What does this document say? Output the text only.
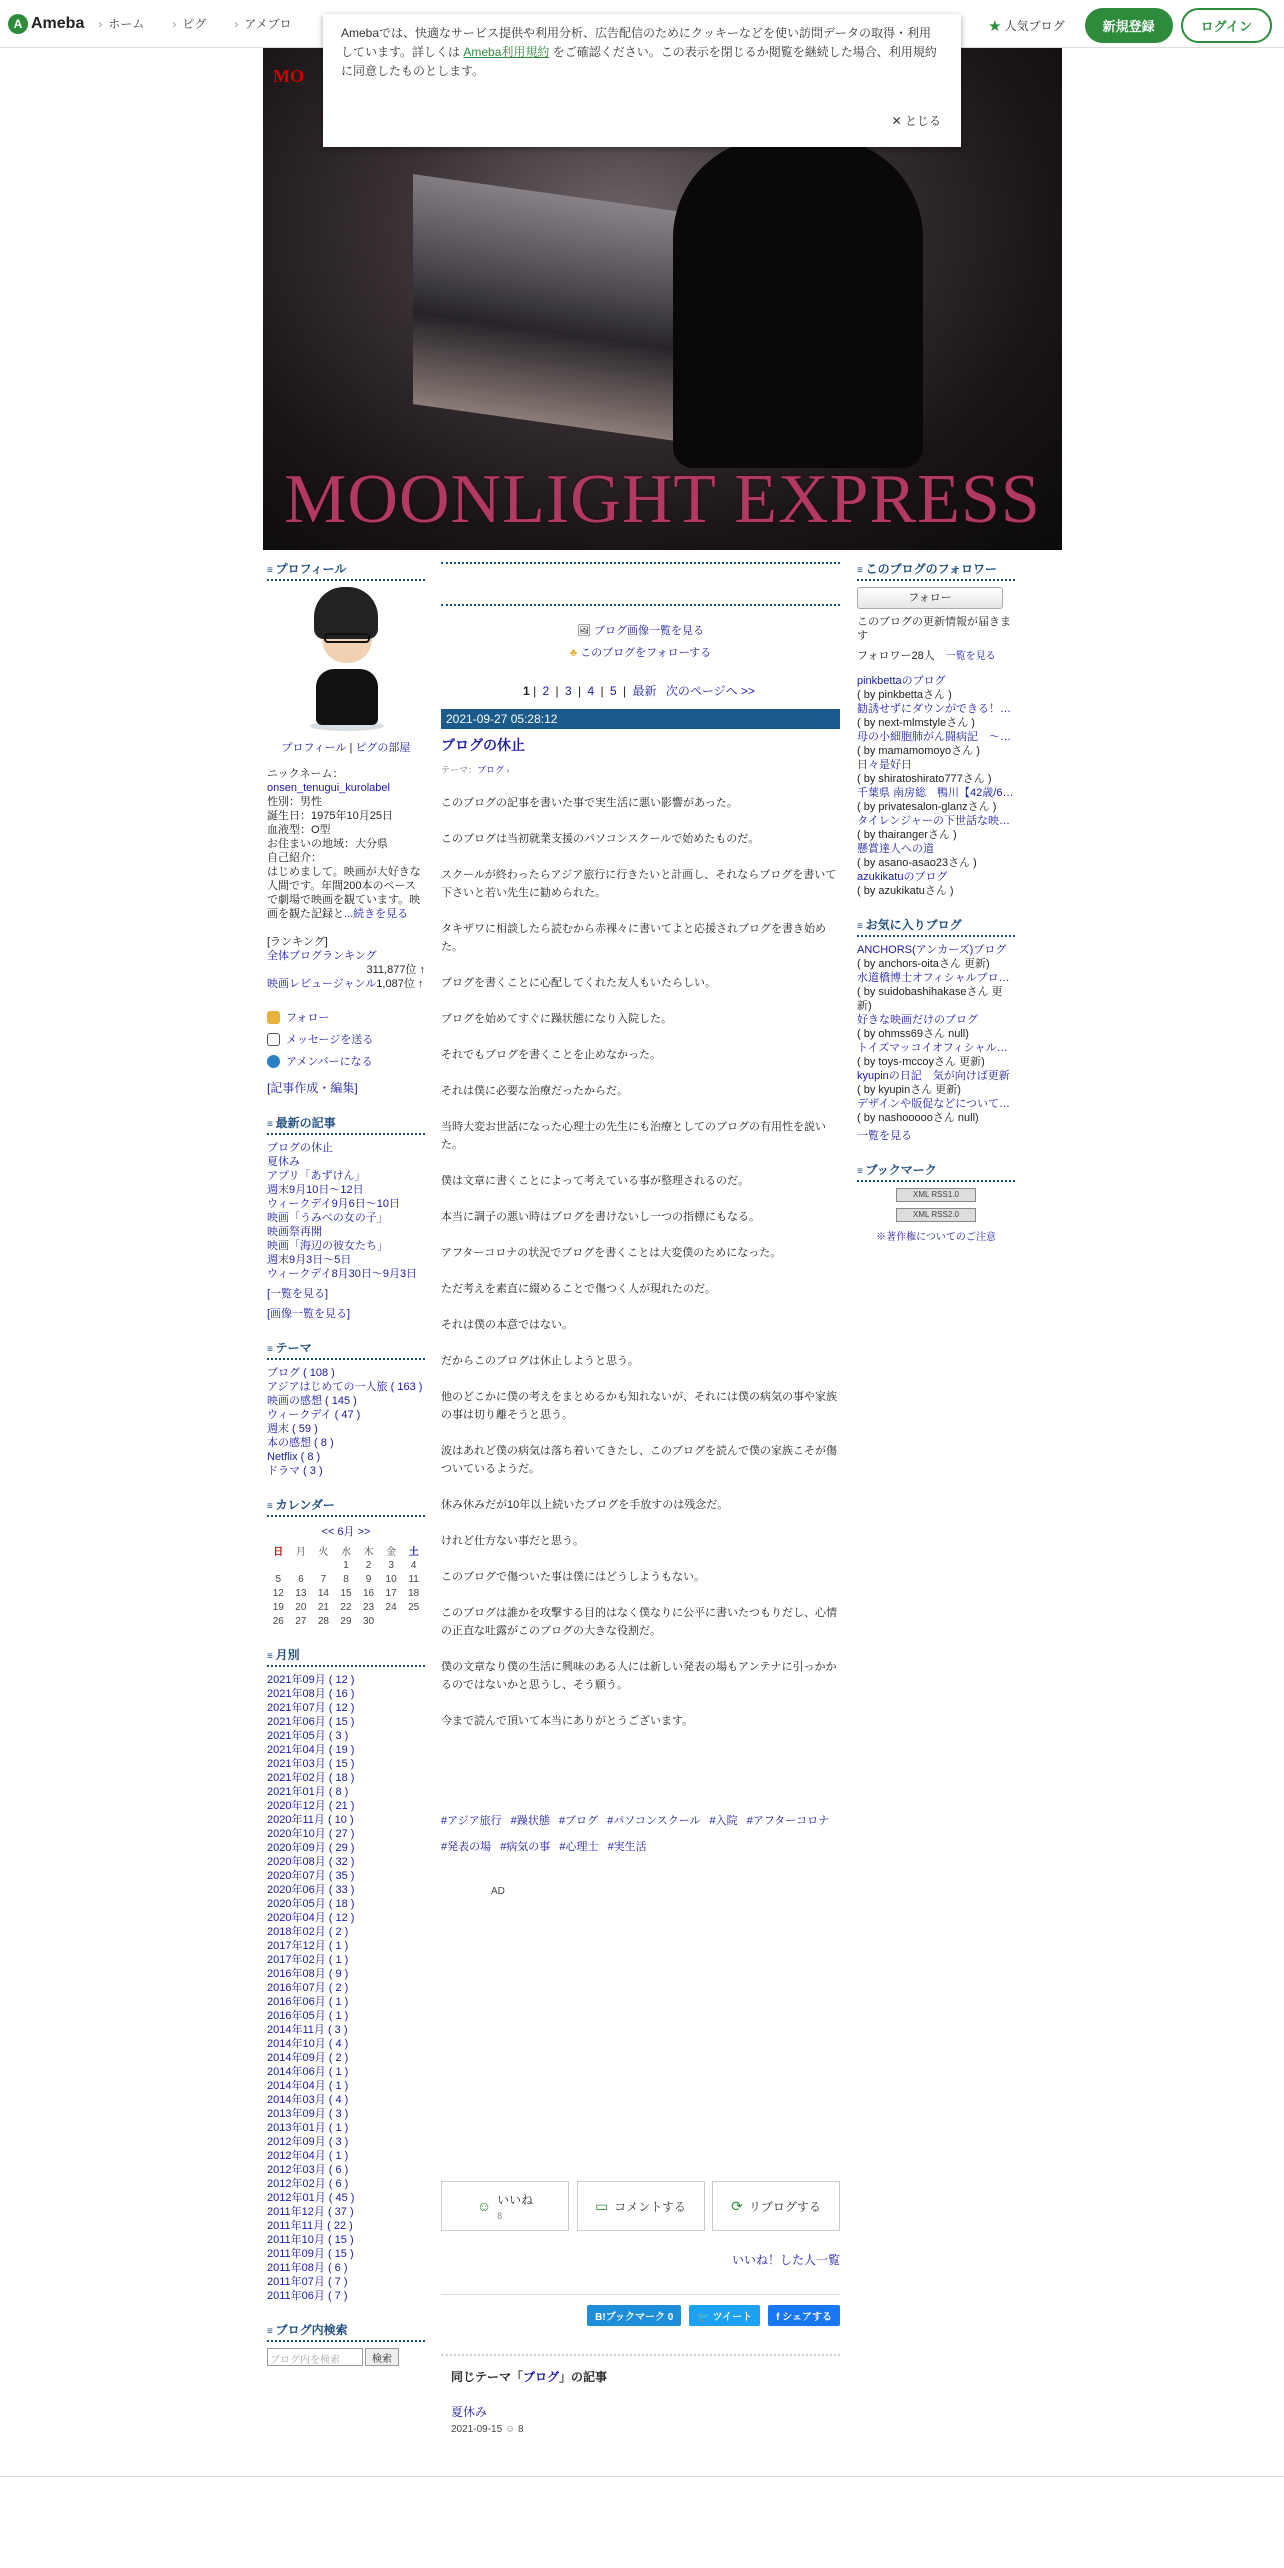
A Ameba	› ホーム	› ピグ	› アメブロ	★ 人気ブログ	新規登録	ログイン
Amebaでは、快適なサービス提供や利用分析、広告配信のためにクッキーなどを使い訪問データの取得・利用しています。詳しくは Ameba利用規約 をご確認ください。この表示を閉じるか閲覧を継続した場合、利用規約に同意したものとします。
✕ とじる
MO
MOONLIGHT EXPRESS
≡ プロフィール
プロフィール | ピグの部屋
ニックネーム：
onsen_tenugui_kurolabel
性別：男性
誕生日：1975年10月25日
血液型：O型
お住まいの地域：大分県
自己紹介：
はじめまして。映画が大好きな人間です。年間200本のペースで劇場で映画を観ています。映画を観た記録と...続きを見る
[ランキング]
全体ブログランキング
311,877位 ↑
映画レビュージャンル1,087位 ↑
フォロー
メッセージを送る
アメンバーになる
[記事作成・編集]
≡ 最新の記事
ブログの休止
夏休み
アプリ「あずけん」
週末9月10日〜12日
ウィークデイ9月6日〜10日
映画「うみべの女の子」
映画祭再開
映画「海辺の彼女たち」
週末9月3日〜5日
ウィークデイ8月30日〜9月3日
[一覧を見る]
[画像一覧を見る]
≡ テーマ
ブログ ( 108 )
アジアはじめての一人旅 ( 163 )
映画の感想 ( 145 )
ウィークデイ ( 47 )
週末 ( 59 )
本の感想 ( 8 )
Netflix ( 8 )
ドラマ ( 3 )
≡ カレンダー
<< 6月 >>
日	月	火	水	木	金	土
			1	2	3	4
5	6	7	8	9	10	11
12	13	14	15	16	17	18
19	20	21	22	23	24	25
26	27	28	29	30		
≡ 月別
2021年09月 ( 12 )
2021年08月 ( 16 )
2021年07月 ( 12 )
2021年06月 ( 15 )
2021年05月 ( 3 )
2021年04月 ( 19 )
2021年03月 ( 15 )
2021年02月 ( 18 )
2021年01月 ( 8 )
2020年12月 ( 21 )
2020年11月 ( 10 )
2020年10月 ( 27 )
2020年09月 ( 29 )
2020年08月 ( 32 )
2020年07月 ( 35 )
2020年06月 ( 33 )
2020年05月 ( 18 )
2020年04月 ( 12 )
2018年02月 ( 2 )
2017年12月 ( 1 )
2017年02月 ( 1 )
2016年08月 ( 9 )
2016年07月 ( 2 )
2016年06月 ( 1 )
2016年05月 ( 1 )
2014年11月 ( 3 )
2014年10月 ( 4 )
2014年09月 ( 2 )
2014年06月 ( 1 )
2014年04月 ( 1 )
2014年03月 ( 4 )
2013年09月 ( 3 )
2013年01月 ( 1 )
2012年09月 ( 3 )
2012年04月 ( 1 )
2012年03月 ( 6 )
2012年02月 ( 6 )
2012年01月 ( 45 )
2011年12月 ( 37 )
2011年11月 ( 22 )
2011年10月 ( 15 )
2011年09月 ( 15 )
2011年08月 ( 6 )
2011年07月 ( 7 )
2011年06月 ( 7 )
≡ ブログ内検索
ブログ内を検索	検索
🖼 ブログ画像一覧を見る
♣ このブログをフォローする
1 | 2 | 3 | 4 | 5 | 最新 次のページへ >>
2021-09-27 05:28:12
ブログの休止
テーマ：ブログ ›

このブログの記事を書いた事で実生活に悪い影響があった。

このブログは当初就業支援のパソコンスクールで始めたものだ。

スクールが終わったらアジア旅行に行きたいと計画し、それならブログを書いて下さいと若い先生に勧められた。

タキザワに相談したら読むから赤裸々に書いてよと応援されブログを書き始めた。

ブログを書くことに心配してくれた友人もいたらしい。

ブログを始めてすぐに躁状態になり入院した。

それでもブログを書くことを止めなかった。

それは僕に必要な治療だったからだ。

当時大変お世話になった心理士の先生にも治療としてのブログの有用性を説いた。

僕は文章に書くことによって考えている事が整理されるのだ。

本当に調子の悪い時はブログを書けないし一つの指標にもなる。

アフターコロナの状況でブログを書くことは大変僕のためになった。

ただ考えを素直に綴めることで傷つく人が現れたのだ。

それは僕の本意ではない。

だからこのブログは休止しようと思う。

他のどこかに僕の考えをまとめるかも知れないが、それには僕の病気の事や家族の事は切り離そうと思う。

波はあれど僕の病気は落ち着いてきたし、このブログを読んで僕の家族こそが傷ついているようだ。

休み休みだが10年以上続いたブログを手放すのは残念だ。

けれど仕方ない事だと思う。

このブログで傷ついた事は僕にはどうしようもない。

このブログは誰かを攻撃する目的はなく僕なりに公平に書いたつもりだし、心情の正直な吐露がこのブログの大きな役割だ。

僕の文章なり僕の生活に興味のある人には新しい発表の場もアンテナに引っかかるのではないかと思うし、そう願う。

今まで読んで頂いて本当にありがとうございます。

#アジア旅行 #躁状態 #ブログ #パソコンスクール #入院 #アフターコロナ #発表の場 #病気の事 #心理士 #実生活
AD
☺ いいね
8
▭ コメントする	⟳ リブログする
いいね！した人一覧
B!ブックマーク 0	🐦 ツイート	f シェアする
同じテーマ「ブログ」の記事
夏休み
2021-09-15 ☺ 8
≡ このブログのフォロワー
フォロー
このブログの更新情報が届きます
フォロワー28人　 一覧を見る
pinkbettaのブログ
( by pinkbettaさん )
勧誘せずにダウンができる！…
( by next-mlmstyleさん )
母の小細胞肺がん闘病記　～…
( by mamamomoyoさん )
日々是好日
( by shiratoshirato777さん )
千葉県 南房総　鴨川【42歳/6…
( by privatesalon-glanzさん )
タイレンジャーの下世話な映…
( by thairangerさん )
懸賞達人への道
( by asano-asao23さん )
azukikatuのブログ
( by azukikatuさん )
≡ お気に入りブログ
ANCHORS(アンカーズ)ブログ
( by anchors-oitaさん 更新)
水道橋博士オフィシャルブロ…
( by suidobashihakaseさん 更新)
好きな映画だけのブログ
( by ohmss69さん null)
トイズマッコイオフィシャル…
( by toys-mccoyさん 更新)
kyupinの日記　気が向けば更新
( by kyupinさん 更新)
デザインや版促などについて…
( by nashoooooさん null)
一覧を見る
≡ ブックマーク
XML RSS1.0
XML RSS2.0
※著作権についてのご注意
